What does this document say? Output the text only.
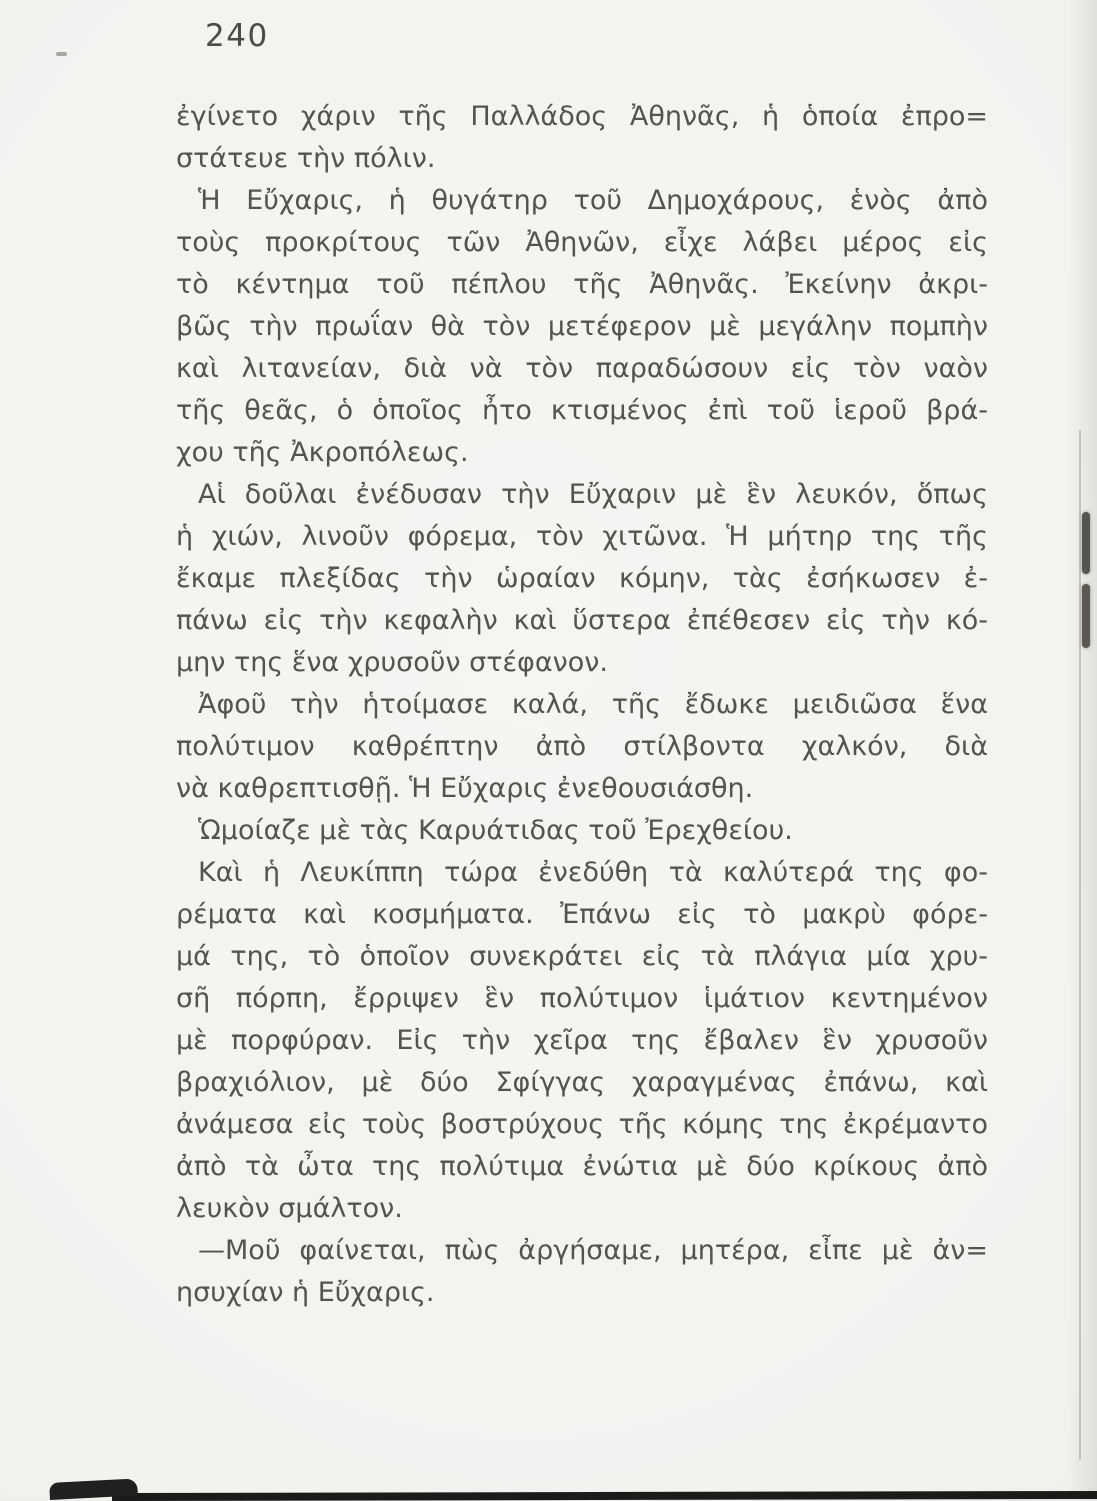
240
ἐγίνετο χάριν τῆς Παλλάδος Ἀθηνᾶς, ἡ ὁποία ἐπρο=
στάτευε τὴν πόλιν.
Ἡ Εὔχαρις, ἡ θυγάτηρ τοῦ Δημοχάρους, ἑνὸς ἀπὸ
τοὺς προκρίτους τῶν Ἀθηνῶν, εἶχε λάβει μέρος εἰς
τὸ κέντημα τοῦ πέπλου τῆς Ἀθηνᾶς. Ἐκείνην ἀκρι-
βῶς τὴν πρωΐαν θὰ τὸν μετέφερον μὲ μεγάλην πομπὴν
καὶ λιτανείαν, διὰ νὰ τὸν παραδώσουν εἰς τὸν ναὸν
τῆς θεᾶς, ὁ ὁποῖος ἦτο κτισμένος ἐπὶ τοῦ ἱεροῦ βρά-
χου τῆς Ἀκροπόλεως.
Αἱ δοῦλαι ἐνέδυσαν τὴν Εὔχαριν μὲ ἓν λευκόν, ὅπως
ἡ χιών, λινοῦν φόρεμα, τὸν χιτῶνα. Ἡ μήτηρ της τῆς
ἔκαμε πλεξίδας τὴν ὡραίαν κόμην, τὰς ἐσήκωσεν ἐ-
πάνω εἰς τὴν κεφαλὴν καὶ ὕστερα ἐπέθεσεν εἰς τὴν κό-
μην της ἕνα χρυσοῦν στέφανον.
Ἀφοῦ τὴν ἡτοίμασε καλά, τῆς ἔδωκε μειδιῶσα ἕνα
πολύτιμον καθρέπτην ἀπὸ στίλβοντα χαλκόν, διὰ
νὰ καθρεπτισθῇ. Ἡ Εὔχαρις ἐνεθουσιάσθη.
Ὡμοίαζε μὲ τὰς Καρυάτιδας τοῦ Ἐρεχθείου.
Καὶ ἡ Λευκίππη τώρα ἐνεδύθη τὰ καλύτερά της φο-
ρέματα καὶ κοσμήματα. Ἐπάνω εἰς τὸ μακρὺ φόρε-
μά της, τὸ ὁποῖον συνεκράτει εἰς τὰ πλάγια μία χρυ-
σῆ πόρπη, ἔρριψεν ἓν πολύτιμον ἱμάτιον κεντημένον
μὲ πορφύραν. Εἰς τὴν χεῖρα της ἔβαλεν ἓν χρυσοῦν
βραχιόλιον, μὲ δύο Σφίγγας χαραγμένας ἐπάνω, καὶ
ἀνάμεσα εἰς τοὺς βοστρύχους τῆς κόμης της ἐκρέμαντο
ἀπὸ τὰ ὦτα της πολύτιμα ἐνώτια μὲ δύο κρίκους ἀπὸ
λευκὸν σμάλτον.
—Μοῦ φαίνεται, πὼς ἀργήσαμε, μητέρα, εἶπε μὲ ἀν=
ησυχίαν ἡ Εὔχαρις.
